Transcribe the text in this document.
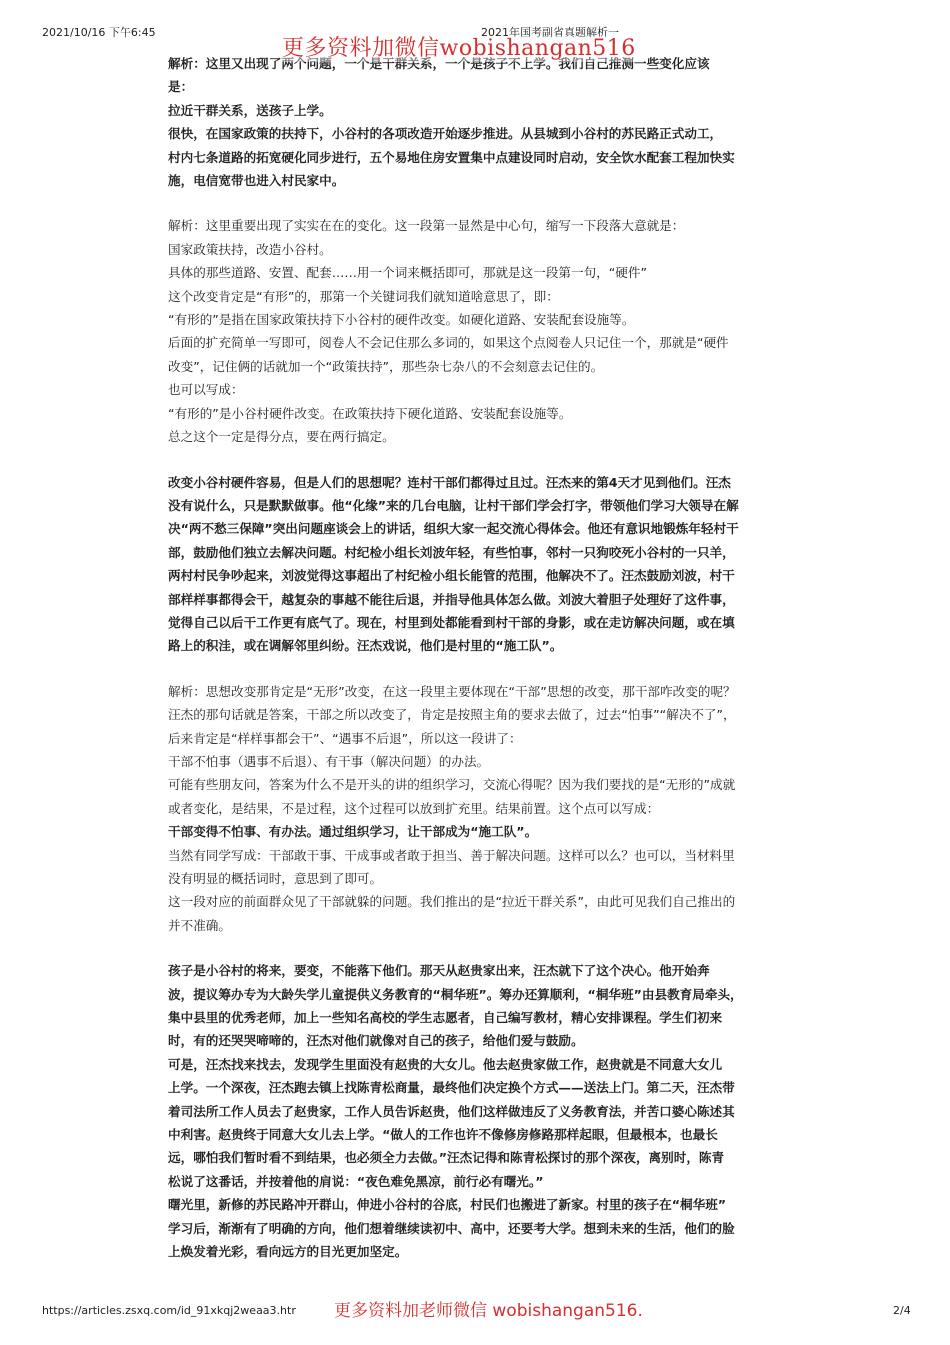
2021/10/16 下午6:45	2021年国考副省真题解析一

解析：这里又出现了两个问题，一个是干群关系，一个是孩子不上学。我们自己推测一些变化应该

是：

拉近干群关系，送孩子上学。

很快，在国家政策的扶持下，小谷村的各项改造开始逐步推进。从县城到小谷村的苏民路正式动工，

村内七条道路的拓宽硬化同步进行，五个易地住房安置集中点建设同时启动，安全饮水配套工程加快实

施，电信宽带也进入村民家中。

解析：这里重要出现了实实在在的变化。这一段第一显然是中心句，缩写一下段落大意就是：

国家政策扶持，改造小谷村。

具体的那些道路、安置、配套……用一个词来概括即可，那就是这一段第一句，“硬件”

这个改变肯定是“有形”的，那第一个关键词我们就知道啥意思了，即：

“有形的”是指在国家政策扶持下小谷村的硬件改变。如硬化道路、安装配套设施等。

后面的扩充简单一写即可，阅卷人不会记住那么多词的，如果这个点阅卷人只记住一个，那就是“硬件

改变”，记住俩的话就加一个“政策扶持”，那些杂七杂八的不会刻意去记住的。

也可以写成：

“有形的”是小谷村硬件改变。在政策扶持下硬化道路、安装配套设施等。

总之这个一定是得分点，要在两行搞定。

改变小谷村硬件容易，但是人们的思想呢？连村干部们都得过且过。汪杰来的第4天才见到他们。汪杰

没有说什么，只是默默做事。他“化缘”来的几台电脑，让村干部们学会打字，带领他们学习大领导在解

决“两不愁三保障”突出问题座谈会上的讲话，组织大家一起交流心得体会。他还有意识地锻炼年轻村干

部，鼓励他们独立去解决问题。村纪检小组长刘波年轻，有些怕事，邻村一只狗咬死小谷村的一只羊，

两村村民争吵起来，刘波觉得这事超出了村纪检小组长能管的范围，他解决不了。汪杰鼓励刘波，村干

部样样事都得会干，越复杂的事越不能往后退，并指导他具体怎么做。刘波大着胆子处理好了这件事，

觉得自己以后干工作更有底气了。现在，村里到处都能看到村干部的身影，或在走访解决问题，或在填

路上的积洼，或在调解邻里纠纷。汪杰戏说，他们是村里的“施工队”。

解析：思想改变那肯定是“无形”改变，在这一段里主要体现在“干部”思想的改变，那干部咋改变的呢？

汪杰的那句话就是答案，干部之所以改变了，肯定是按照主角的要求去做了，过去“怕事”“解决不了”，

后来肯定是“样样事都会干”、“遇事不后退”，所以这一段讲了：

干部不怕事（遇事不后退）、有干事（解决问题）的办法。

可能有些朋友问，答案为什么不是开头的讲的组织学习，交流心得呢？因为我们要找的是“无形的”成就

或者变化，是结果，不是过程，这个过程可以放到扩充里。结果前置。这个点可以写成：

干部变得不怕事、有办法。通过组织学习，让干部成为“施工队”。

当然有同学写成：干部敢干事、干成事或者敢于担当、善于解决问题。这样可以么？也可以，当材料里

没有明显的概括词时，意思到了即可。

这一段对应的前面群众见了干部就躲的问题。我们推出的是“拉近干群关系”，由此可见我们自己推出的

并不准确。

孩子是小谷村的将来，要变，不能落下他们。那天从赵贵家出来，汪杰就下了这个决心。他开始奔

波，提议筹办专为大龄失学儿童提供义务教育的“桐华班”。筹办还算顺利，“桐华班”由县教育局牵头，

集中县里的优秀老师，加上一些知名高校的学生志愿者，自己编写教材，精心安排课程。学生们初来

时，有的还哭哭啼啼的，汪杰对他们就像对自己的孩子，给他们爱与鼓励。

可是，汪杰找来找去，发现学生里面没有赵贵的大女儿。他去赵贵家做工作，赵贵就是不同意大女儿

上学。一个深夜，汪杰跑去镇上找陈青松商量，最终他们决定换个方式——送法上门。第二天，汪杰带

着司法所工作人员去了赵贵家，工作人员告诉赵贵，他们这样做违反了义务教育法，并苦口婆心陈述其

中利害。赵贵终于同意大女儿去上学。“做人的工作也许不像修房修路那样起眼，但最根本，也最长

远，哪怕我们暂时看不到结果，也必须全力去做。”汪杰记得和陈青松探讨的那个深夜，离别时，陈青

松说了这番话，并按着他的肩说：“夜色难免黑凉，前行必有曙光。”

曙光里，新修的苏民路冲开群山，伸进小谷村的谷底，村民们也搬进了新家。村里的孩子在“桐华班”

学习后，渐渐有了明确的方向，他们想着继续读初中、高中，还要考大学。想到未来的生活，他们的脸

上焕发着光彩，看向远方的目光更加坚定。

更多资料加微信wobishangan516
https://articles.zsxq.com/id_91xkqj2weaa3.htr 更多资料加老师微信 wobishangan516.	2/4
